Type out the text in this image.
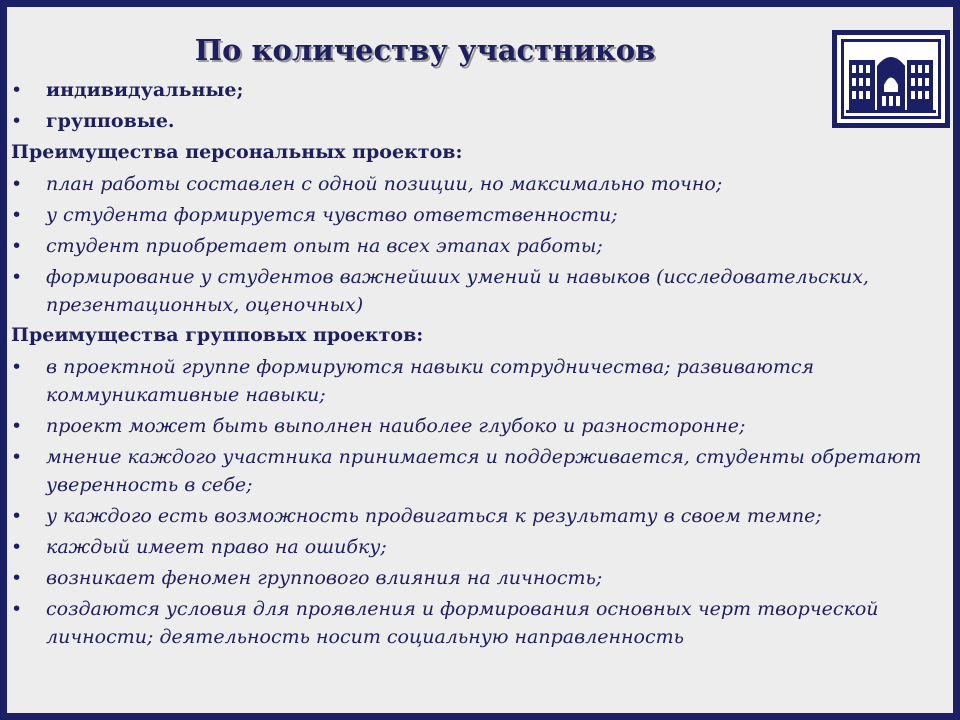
По количеству участников
• индивидуальные;
• групповые.

Преимущества персональных проектов:

• план работы составлен с одной позиции, но максимально точно;
• у студента формируется чувство ответственности;
• студент приобретает опыт на всех этапах работы;
• формирование у студентов важнейших умений и навыков (исследовательских, презентационных, оценочных)

Преимущества групповых проектов:

• в проектной группе формируются навыки сотрудничества; развиваются коммуникативные навыки;
• проект может быть выполнен наиболее глубоко и разносторонне;
• мнение каждого участника принимается и поддерживается, студенты обретают уверенность в себе;
• у каждого есть возможность продвигаться к результату в своем темпе;
• каждый имеет право на ошибку;
• возникает феномен группового влияния на личность;
• создаются условия для проявления и формирования основных черт творческой личности; деятельность носит социальную направленность
